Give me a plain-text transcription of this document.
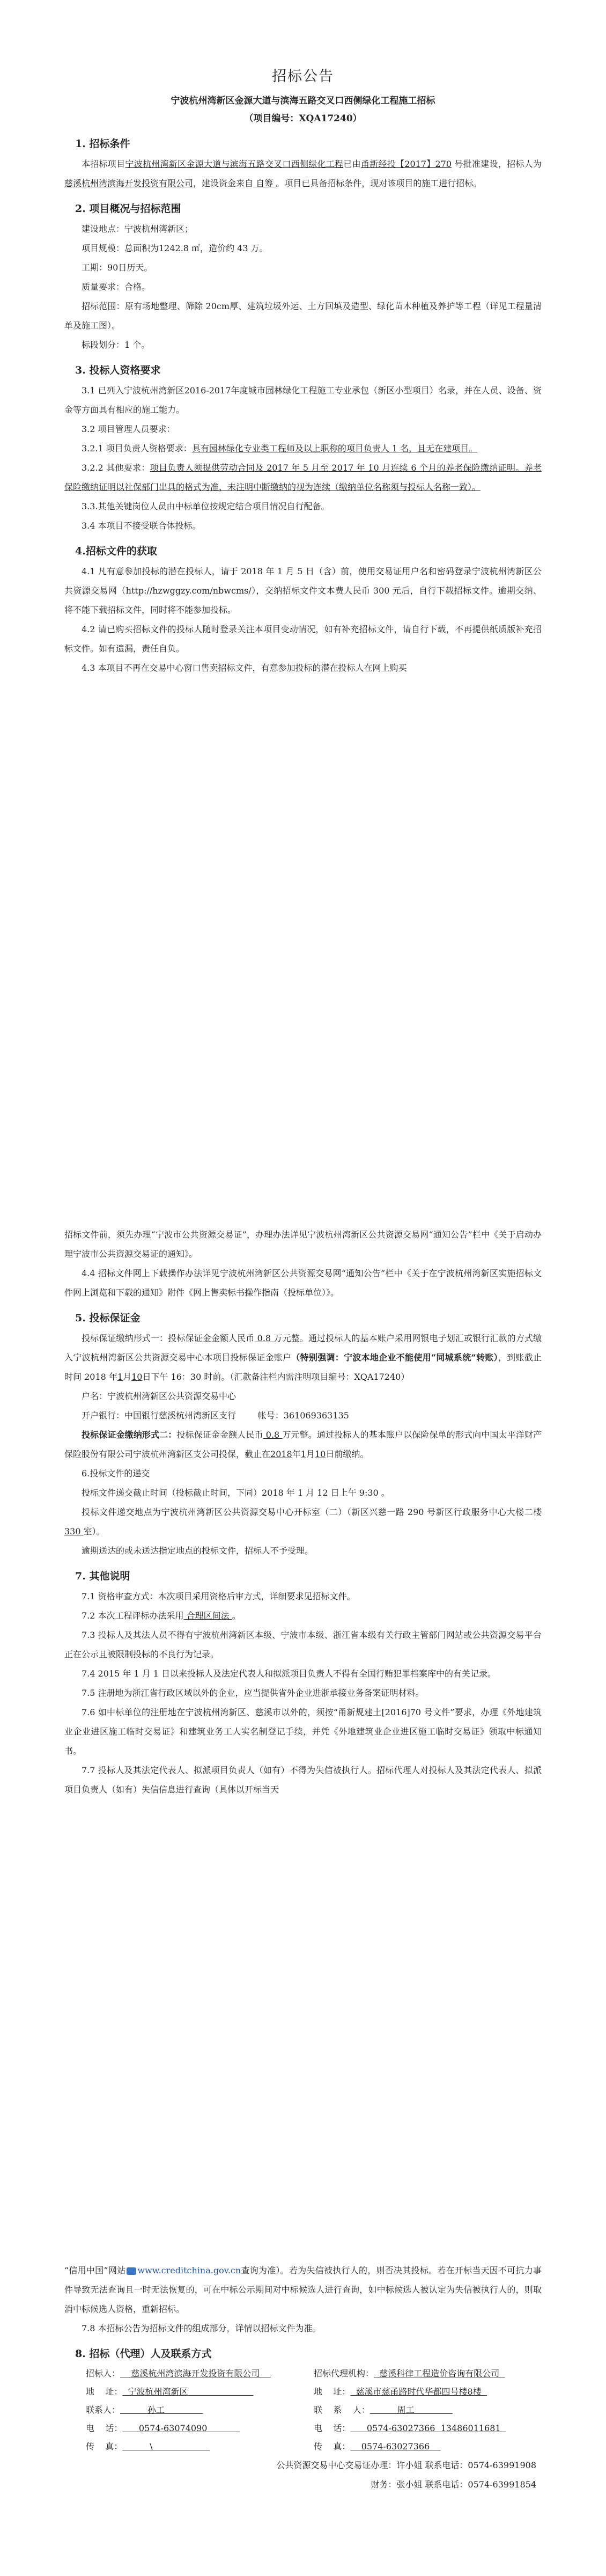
招标公告
宁波杭州湾新区金源大道与滨海五路交叉口西侧绿化工程施工招标
（项目编号：XQA17240）
1. 招标条件

本招标项目宁波杭州湾新区金源大道与滨海五路交叉口西侧绿化工程已由甬新经投【2017】270 号批准建设，招标人为慈溪杭州湾滨海开发投资有限公司，建设资金来自 自筹 。项目已具备招标条件，现对该项目的施工进行招标。

2. 项目概况与招标范围

建设地点：宁波杭州湾新区；

项目规模：总面积为1242.8 ㎡，造价约 43 万。

工期：90日历天。

质量要求：合格。

招标范围：原有场地整理、筛除 20cm厚、建筑垃圾外运、土方回填及造型、绿化苗木种植及养护等工程（详见工程量清单及施工图）。

标段划分：1 个。

3. 投标人资格要求

3.1 已列入宁波杭州湾新区2016-2017年度城市园林绿化工程施工专业承包（新区小型项目）名录，并在人员、设备、资金等方面具有相应的施工能力。

3.2 项目管理人员要求：

3.2.1 项目负责人资格要求：具有园林绿化专业类工程师及以上职称的项目负责人 1 名，且无在建项目。

3.2.2 其他要求：项目负责人须提供劳动合同及 2017 年 5 月至 2017 年 10 月连续 6 个月的养老保险缴纳证明。养老保险缴纳证明以社保部门出具的格式为准，未注明中断缴纳的视为连续（缴纳单位名称须与投标人名称一致）。

3.3.其他关键岗位人员由中标单位按规定结合项目情况自行配备。

3.4 本项目不接受联合体投标。

4.招标文件的获取

4.1 凡有意参加投标的潜在投标人，请于 2018 年 1 月 5 日（含）前，使用交易证用户名和密码登录宁波杭州湾新区公共资源交易网（http://hzwggzy.com/nbwcms/），交纳招标文件文本费人民币 300 元后，自行下载招标文件。逾期交纳、将不能下载招标文件，同时将不能参加投标。

4.2 请已购买招标文件的投标人随时登录关注本项目变动情况，如有补充招标文件，请自行下载，不再提供纸质版补充招标文件。如有遗漏，责任自负。

4.3 本项目不再在交易中心窗口售卖招标文件，有意参加投标的潜在投标人在网上购买

招标文件前，须先办理“宁波市公共资源交易证”，办理办法详见宁波杭州湾新区公共资源交易网“通知公告”栏中《关于启动办理宁波市公共资源交易证的通知》。

4.4 招标文件网上下载操作办法详见宁波杭州湾新区公共资源交易网“通知公告”栏中《关于在宁波杭州湾新区实施招标文件网上浏览和下载的通知》附件《网上售卖标书操作指南（投标单位）》。

5. 投标保证金

投标保证缴纳形式一：投标保证金金额人民币 0.8 万元整。通过投标人的基本账户采用网银电子划汇或银行汇款的方式缴入宁波杭州湾新区公共资源交易中心本项目投标保证金账户（特别强调：宁波本地企业不能使用“同城系统”转账），到账截止时间 2018 年1月10日下午 16：30 时前。（汇款备注栏内需注明项目编号：XQA17240）

户名：宁波杭州湾新区公共资源交易中心

开户银行：中国银行慈溪杭州湾新区支行	帐号：361069363135

投标保证金缴纳形式二：投标保证金金额人民币 0.8 万元整。通过投标人的基本账户以保险保单的形式向中国太平洋财产保险股份有限公司宁波杭州湾新区支公司投保，截止在2018年1月10日前缴纳。

6.投标文件的递交

投标文件递交截止时间（投标截止时间，下同）2018 年 1 月 12 日上午 9:30 。

投标文件递交地点为宁波杭州湾新区公共资源交易中心开标室（二）（新区兴慈一路 290 号新区行政服务中心大楼二楼 330 室）。

逾期送达的或未送达指定地点的投标文件，招标人不予受理。

7. 其他说明

7.1 资格审查方式：本次项目采用资格后审方式，详细要求见招标文件。

7.2 本次工程评标办法采用 合理区间法 。

7.3 投标人及其法人员不得有宁波杭州湾新区本级、宁波市本级、浙江省本级有关行政主管部门网站或公共资源交易平台正在公示且被限制投标的不良行为记录。

7.4 2015 年 1 月 1 日以来投标人及法定代表人和拟派项目负责人不得有全国行贿犯罪档案库中的有关记录。

7.5 注册地为浙江省行政区域以外的企业，应当提供省外企业进浙承接业务备案证明材料。

7.6 如中标单位的注册地在宁波杭州湾新区、慈溪市以外的，须按“甬新规建土[2016]70 号文件”要求，办理《外地建筑业企业进区施工临时交易证》和建筑业务工人实名制登记手续，并凭《外地建筑业企业进区施工临时交易证》领取中标通知书。

7.7 投标人及其法定代表人、拟派项目负责人（如有）不得为失信被执行人。招标代理人对投标人及其法定代表人、拟派项目负责人（如有）失信信息进行查询（具体以开标当天

“信用中国”网站 www.creditchina.gov.cn查询为准）。若为失信被执行人的，则否决其投标。若在开标当天因不可抗力事件导致无法查询且一时无法恢复的，可在中标公示期间对中标候选人进行查询，如中标候选人被认定为失信被执行人的，则取消中标候选人资格，重新招标。

7.8 本招标公告为招标文件的组成部分，详情以招标文件为准。

8. 招标（代理）人及联系方式
招标人： 慈溪杭州湾滨海开发投资有限公司	招标代理机构： 慈溪科律工程造价咨询有限公司
地    址： 宁波杭州湾新区	地    址： 慈溪市慈甬路时代华都四号楼8楼
联系人： 孙工	联    系    人： 周工
电    话： 0574-63074090	电    话： 0574-63027366  13486011681
传    真： \	传    真： 0574-63027366
公共资源交易中心交易证办理：许小姐 联系电话：0574-63991908
财务：张小姐 联系电话：0574-63991854
